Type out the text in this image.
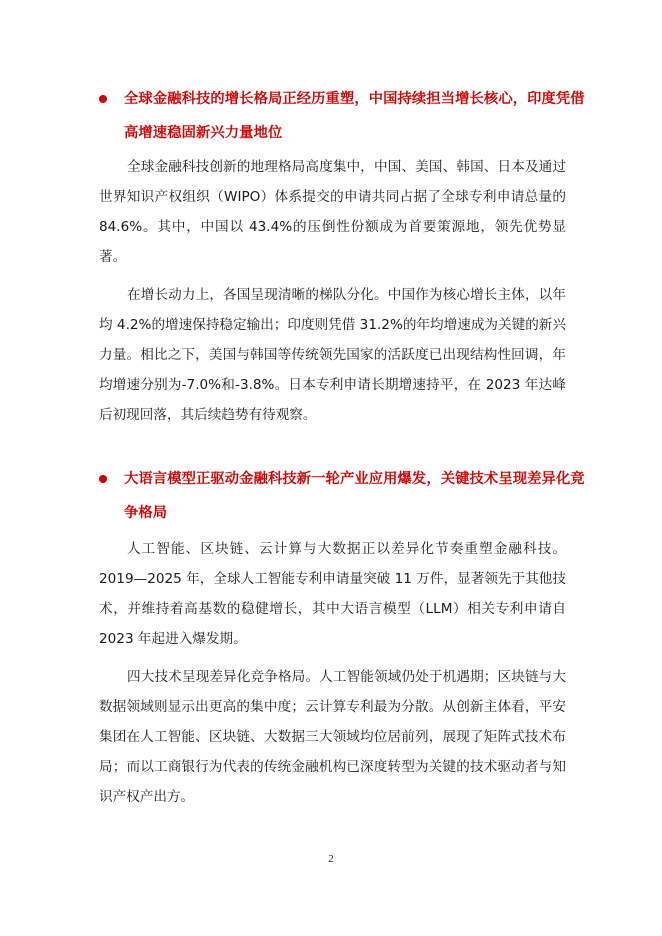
全球金融科技的增长格局正经历重塑，中国持续担当增长核心，印度凭借高增速稳固新兴力量地位

全球金融科技创新的地理格局高度集中，中国、美国、韩国、日本及通过世界知识产权组织（WIPO）体系提交的申请共同占据了全球专利申请总量的84.6%。其中，中国以 43.4%的压倒性份额成为首要策源地，领先优势显著。

在增长动力上，各国呈现清晰的梯队分化。中国作为核心增长主体，以年均 4.2%的增速保持稳定输出；印度则凭借 31.2%的年均增速成为关键的新兴力量。相比之下，美国与韩国等传统领先国家的活跃度已出现结构性回调，年均增速分别为-7.0%和-3.8%。日本专利申请长期增速持平，在 2023 年达峰后初现回落，其后续趋势有待观察。

大语言模型正驱动金融科技新一轮产业应用爆发，关键技术呈现差异化竞争格局

人工智能、区块链、云计算与大数据正以差异化节奏重塑金融科技。2019—2025 年，全球人工智能专利申请量突破 11 万件，显著领先于其他技术，并维持着高基数的稳健增长，其中大语言模型（LLM）相关专利申请自2023 年起进入爆发期。

四大技术呈现差异化竞争格局。人工智能领域仍处于机遇期；区块链与大数据领域则显示出更高的集中度；云计算专利最为分散。从创新主体看，平安集团在人工智能、区块链、大数据三大领域均位居前列，展现了矩阵式技术布局；而以工商银行为代表的传统金融机构已深度转型为关键的技术驱动者与知识产权产出方。

2
